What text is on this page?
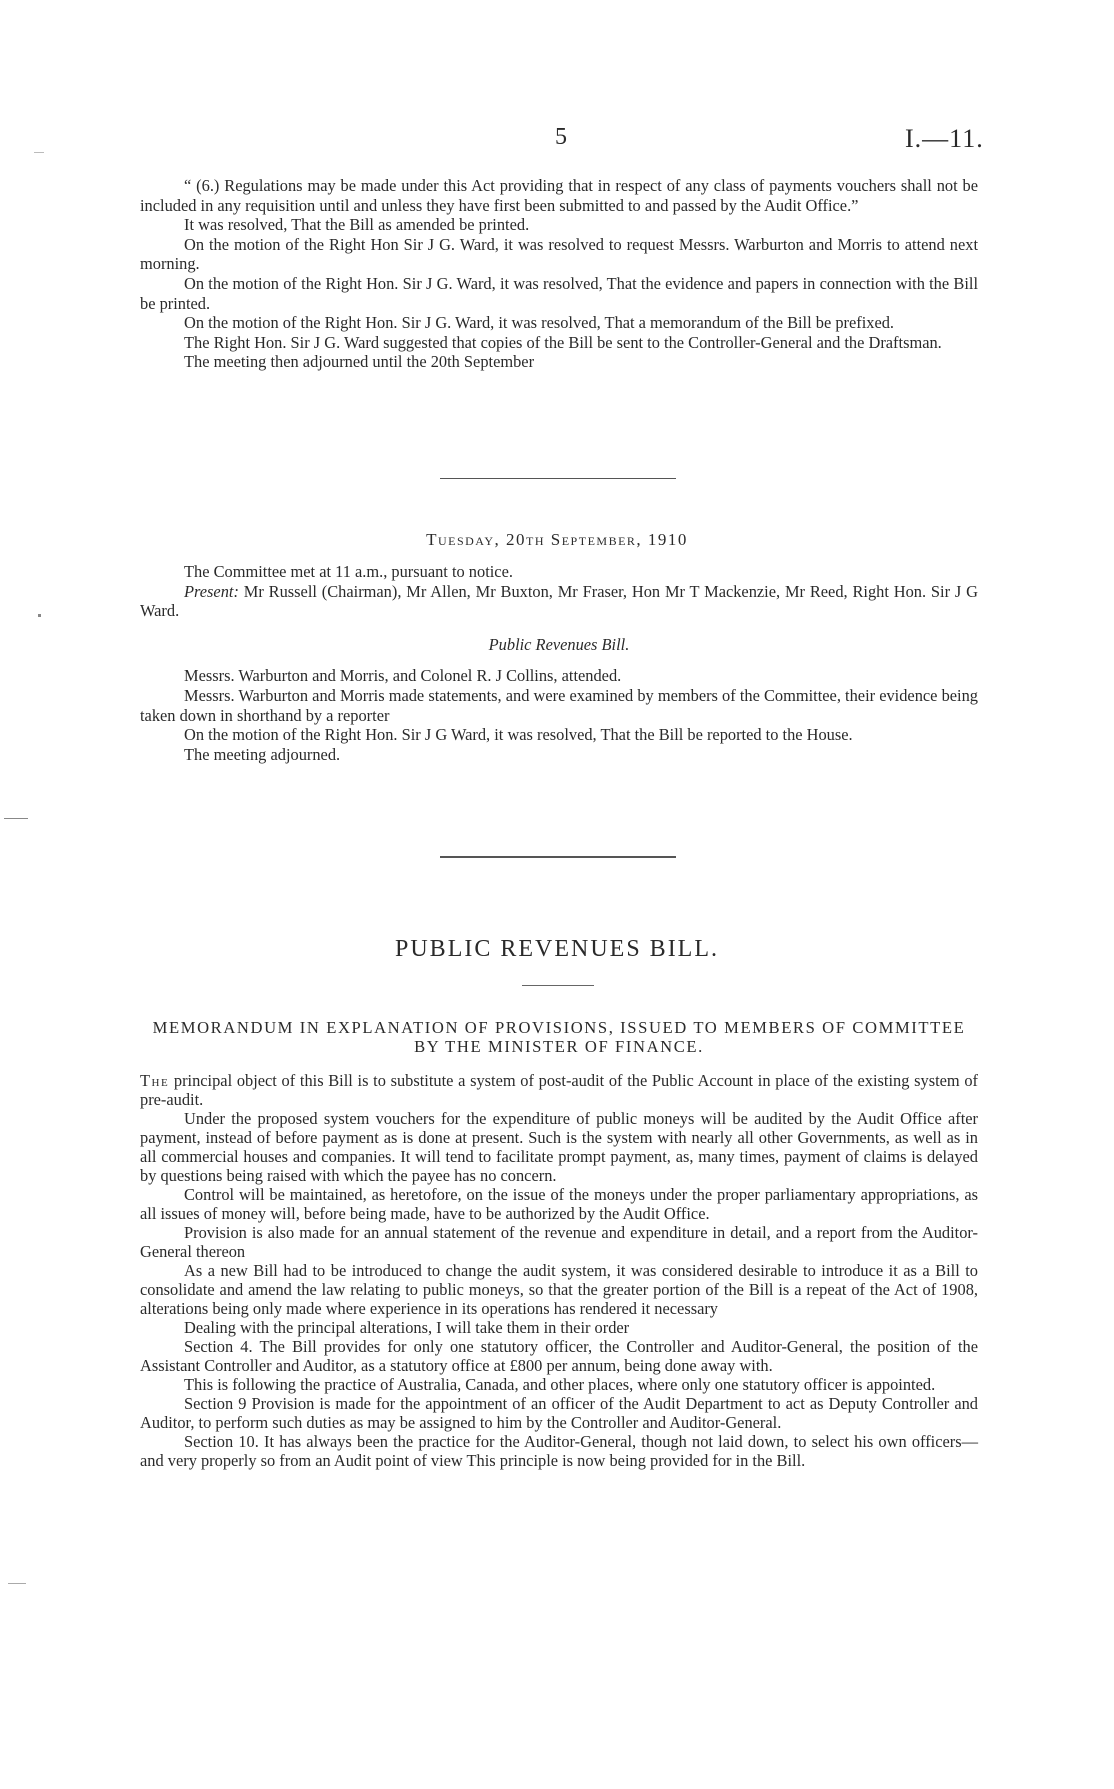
5	I.—11.

“ (6.) Regulations may be made under this Act providing that in respect of any class of payments vouchers shall not be included in any requisition until and unless they have first been submitted to and passed by the Audit Office.”

It was resolved, That the Bill as amended be printed.

On the motion of the Right Hon Sir J G. Ward, it was resolved to request Messrs. Warburton and Morris to attend next morning.

On the motion of the Right Hon. Sir J G. Ward, it was resolved, That the evidence and papers in connection with the Bill be printed.

On the motion of the Right Hon. Sir J G. Ward, it was resolved, That a memorandum of the Bill be prefixed.

The Right Hon. Sir J G. Ward suggested that copies of the Bill be sent to the Controller-General and the Draftsman.

The meeting then adjourned until the 20th September

Tuesday, 20th September, 1910

The Committee met at 11 a.m., pursuant to notice.

Present: Mr Russell (Chairman), Mr Allen, Mr Buxton, Mr Fraser, Hon Mr T Mackenzie, Mr Reed, Right Hon. Sir J G Ward.

Public Revenues Bill.

Messrs. Warburton and Morris, and Colonel R. J Collins, attended.

Messrs. Warburton and Morris made statements, and were examined by members of the Committee, their evidence being taken down in shorthand by a reporter

On the motion of the Right Hon. Sir J G Ward, it was resolved, That the Bill be reported to the House.

The meeting adjourned.

PUBLIC REVENUES BILL.
MEMORANDUM IN EXPLANATION OF PROVISIONS, ISSUED TO MEMBERS OF COMMITTEE BY THE MINISTER OF FINANCE.

The principal object of this Bill is to substitute a system of post-audit of the Public Account in place of the existing system of pre-audit.

Under the proposed system vouchers for the expenditure of public moneys will be audited by the Audit Office after payment, instead of before payment as is done at present. Such is the system with nearly all other Governments, as well as in all commercial houses and companies. It will tend to facilitate prompt payment, as, many times, payment of claims is delayed by questions being raised with which the payee has no concern.

Control will be maintained, as heretofore, on the issue of the moneys under the proper parliamentary appropriations, as all issues of money will, before being made, have to be authorized by the Audit Office.

Provision is also made for an annual statement of the revenue and expenditure in detail, and a report from the Auditor-General thereon

As a new Bill had to be introduced to change the audit system, it was considered desirable to introduce it as a Bill to consolidate and amend the law relating to public moneys, so that the greater portion of the Bill is a repeat of the Act of 1908, alterations being only made where experience in its operations has rendered it necessary

Dealing with the principal alterations, I will take them in their order

Section 4. The Bill provides for only one statutory officer, the Controller and Auditor-General, the position of the Assistant Controller and Auditor, as a statutory office at £800 per annum, being done away with.

This is following the practice of Australia, Canada, and other places, where only one statutory officer is appointed.

Section 9 Provision is made for the appointment of an officer of the Audit Department to act as Deputy Controller and Auditor, to perform such duties as may be assigned to him by the Controller and Auditor-General.

Section 10. It has always been the practice for the Auditor-General, though not laid down, to select his own officers—and very properly so from an Audit point of view This principle is now being provided for in the Bill.
